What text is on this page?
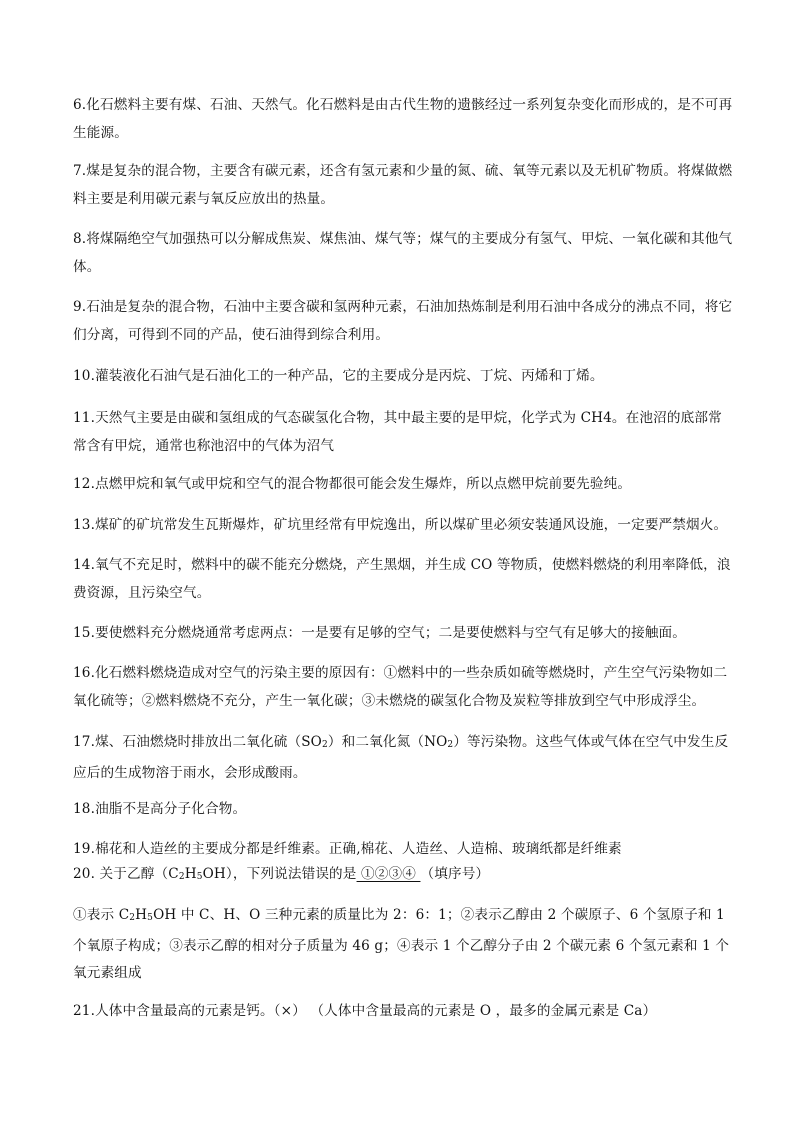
6.化石燃料主要有煤、石油、天然气。化石燃料是由古代生物的遗骸经过一系列复杂变化而形成的，是不可再生能源。

7.煤是复杂的混合物，主要含有碳元素，还含有氢元素和少量的氮、硫、氧等元素以及无机矿物质。将煤做燃料主要是利用碳元素与氧反应放出的热量。

8.将煤隔绝空气加强热可以分解成焦炭、煤焦油、煤气等；煤气的主要成分有氢气、甲烷、一氧化碳和其他气体。

9.石油是复杂的混合物，石油中主要含碳和氢两种元素，石油加热炼制是利用石油中各成分的沸点不同，将它们分离，可得到不同的产品，使石油得到综合利用。

10.灌装液化石油气是石油化工的一种产品，它的主要成分是丙烷、丁烷、丙烯和丁烯。

11.天然气主要是由碳和氢组成的气态碳氢化合物，其中最主要的是甲烷，化学式为 CH4。在池沼的底部常常含有甲烷，通常也称池沼中的气体为沼气

12.点燃甲烷和氧气或甲烷和空气的混合物都很可能会发生爆炸，所以点燃甲烷前要先验纯。

13.煤矿的矿坑常发生瓦斯爆炸，矿坑里经常有甲烷逸出，所以煤矿里必须安装通风设施，一定要严禁烟火。

14.氧气不充足时，燃料中的碳不能充分燃烧，产生黑烟，并生成 CO 等物质，使燃料燃烧的利用率降低，浪费资源，且污染空气。

15.要使燃料充分燃烧通常考虑两点：一是要有足够的空气；二是要使燃料与空气有足够大的接触面。

16.化石燃料燃烧造成对空气的污染主要的原因有：①燃料中的一些杂质如硫等燃烧时，产生空气污染物如二氧化硫等；②燃料燃烧不充分，产生一氧化碳；③未燃烧的碳氢化合物及炭粒等排放到空气中形成浮尘。

17.煤、石油燃烧时排放出二氧化硫$(SO_2)$和二氧化氮$(NO_2)$等污染物。这些气体或气体在空气中发生反应后的生成物溶于雨水，会形成酸雨。

18.油脂不是高分子化合物。

19.棉花和人造丝的主要成分都是纤维素。正确,棉花、人造丝、人造棉、玻璃纸都是纤维素

20. 关于乙醇$(C_2H_5OH)$，下列说法错误的是 ①②③④ （填序号）

①表示 $C_2H_5OH$ 中 C、H、O 三种元素的质量比为 2：6：1；②表示乙醇由 2 个碳原子、6 个氢原子和 1 个氧原子构成；③表示乙醇的相对分子质量为 46 g；④表示 1 个乙醇分子由 2 个碳元素 6 个氢元素和 1 个氧元素组成

21.人体中含量最高的元素是钙。（×） （人体中含量最高的元素是 O ，最多的金属元素是 Ca）
